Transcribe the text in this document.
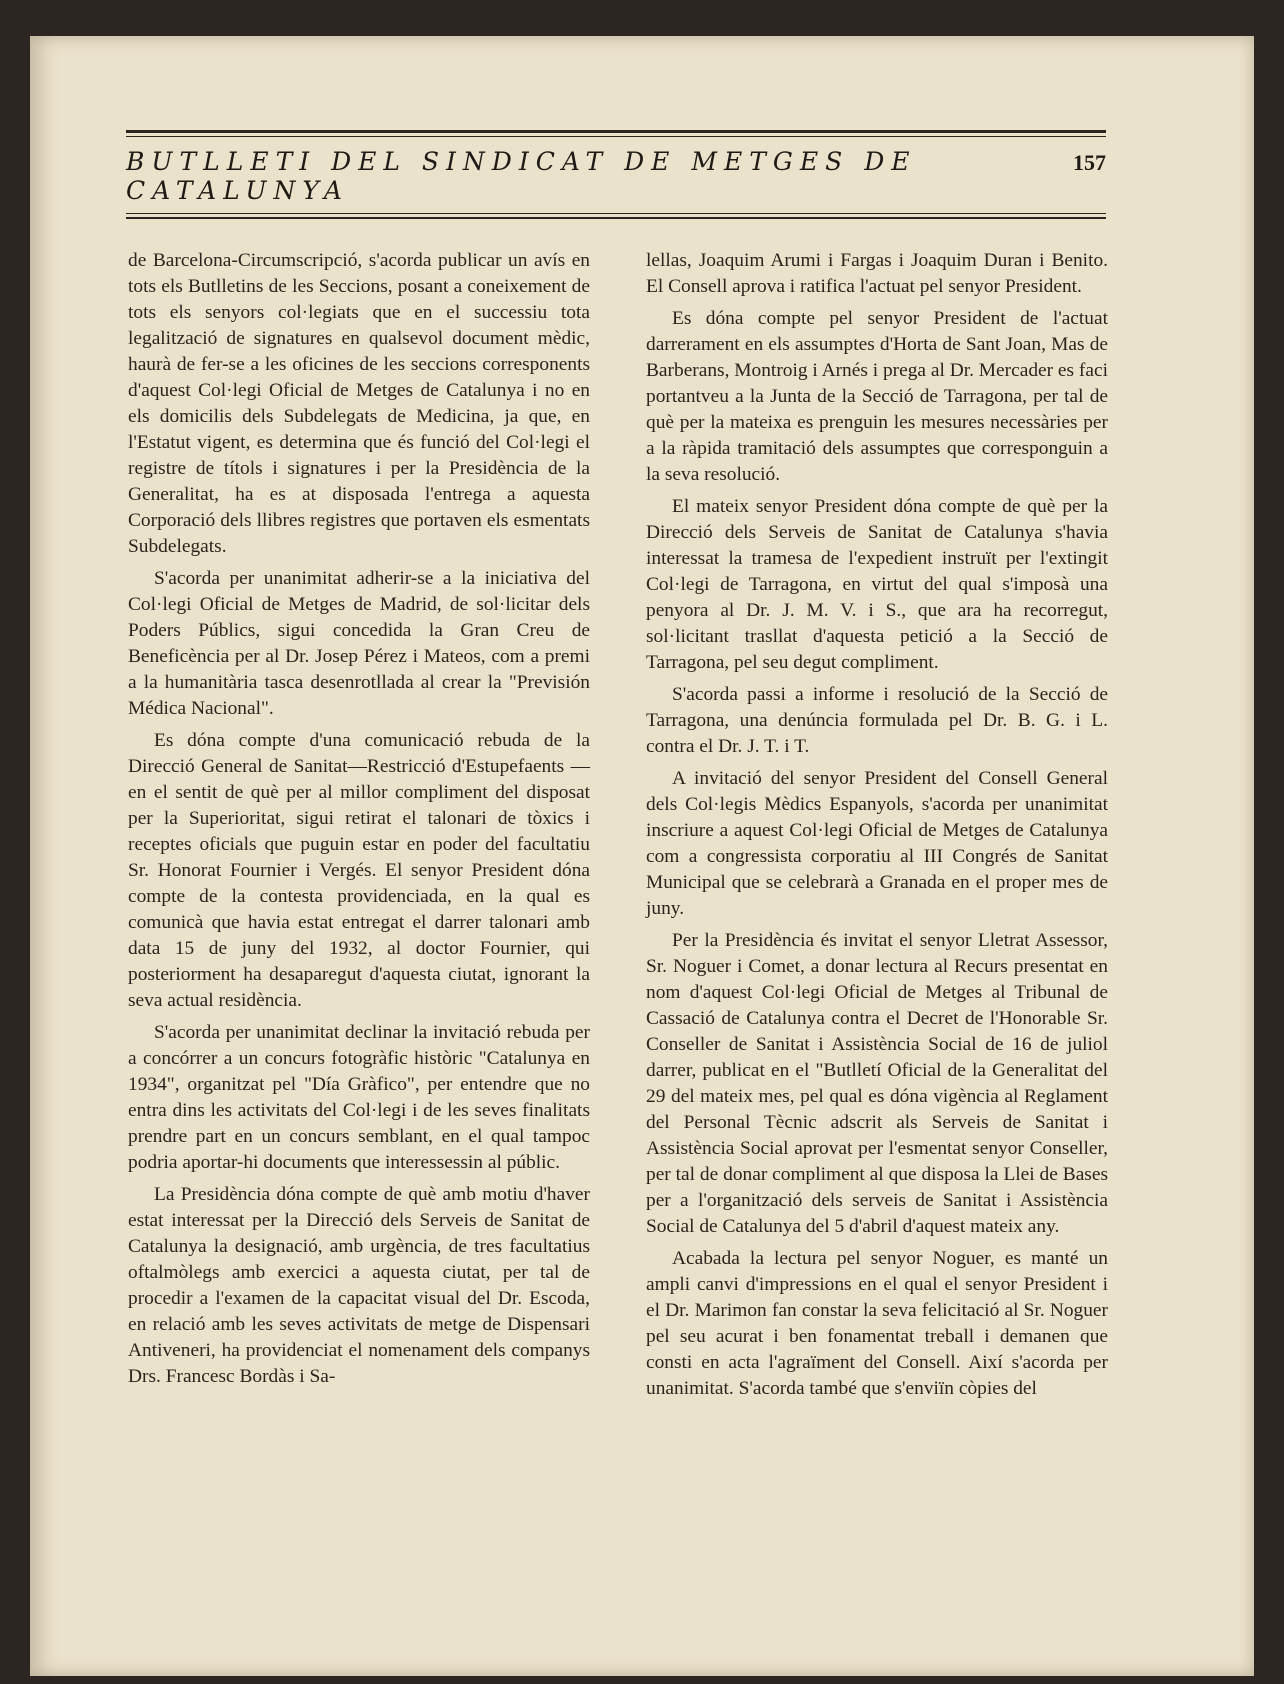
BUTLLETI DEL SINDICAT DE METGES DE CATALUNYA
157

de Barcelona-Circumscripció, s'acorda publicar un avís en tots els Butlletins de les Seccions, posant a coneixement de tots els senyors col·legiats que en el successiu tota legalització de signatures en qualsevol document mèdic, haurà de fer-se a les oficines de les seccions corresponents d'aquest Col·legi Oficial de Metges de Catalunya i no en els domicilis dels Subdelegats de Medicina, ja que, en l'Estatut vigent, es determina que és funció del Col·legi el registre de títols i signatures i per la Presidència de la Generalitat, ha es at disposada l'entrega a aquesta Corporació dels llibres registres que portaven els esmentats Subdelegats.

S'acorda per unanimitat adherir-se a la iniciativa del Col·legi Oficial de Metges de Madrid, de sol·licitar dels Poders Públics, sigui concedida la Gran Creu de Beneficència per al Dr. Josep Pérez i Mateos, com a premi a la humanitària tasca desenrotllada al crear la "Previsión Médica Nacional".

Es dóna compte d'una comunicació rebuda de la Direcció General de Sanitat—Restricció d'Estupefaents — en el sentit de què per al millor compliment del disposat per la Superioritat, sigui retirat el talonari de tòxics i receptes oficials que puguin estar en poder del facultatiu Sr. Honorat Fournier i Vergés. El senyor President dóna compte de la contesta providenciada, en la qual es comunicà que havia estat entregat el darrer talonari amb data 15 de juny del 1932, al doctor Fournier, qui posteriorment ha desaparegut d'aquesta ciutat, ignorant la seva actual residència.

S'acorda per unanimitat declinar la invitació rebuda per a concórrer a un concurs fotogràfic històric "Catalunya en 1934", organitzat pel "Día Gràfico", per entendre que no entra dins les activitats del Col·legi i de les seves finalitats prendre part en un concurs semblant, en el qual tampoc podria aportar-hi documents que interessessin al públic.

La Presidència dóna compte de què amb motiu d'haver estat interessat per la Direcció dels Serveis de Sanitat de Catalunya la designació, amb urgència, de tres facultatius oftalmòlegs amb exercici a aquesta ciutat, per tal de procedir a l'examen de la capacitat visual del Dr. Escoda, en relació amb les seves activitats de metge de Dispensari Antiveneri, ha providenciat el nomenament dels companys Drs. Francesc Bordàs i Sa-

lellas, Joaquim Arumi i Fargas i Joaquim Duran i Benito. El Consell aprova i ratifica l'actuat pel senyor President.

Es dóna compte pel senyor President de l'actuat darrerament en els assumptes d'Horta de Sant Joan, Mas de Barberans, Montroig i Arnés i prega al Dr. Mercader es faci portantveu a la Junta de la Secció de Tarragona, per tal de què per la mateixa es prenguin les mesures necessàries per a la ràpida tramitació dels assumptes que corresponguin a la seva resolució.

El mateix senyor President dóna compte de què per la Direcció dels Serveis de Sanitat de Catalunya s'havia interessat la tramesa de l'expedient instruït per l'extingit Col·legi de Tarragona, en virtut del qual s'imposà una penyora al Dr. J. M. V. i S., que ara ha recorregut, sol·licitant trasllat d'aquesta petició a la Secció de Tarragona, pel seu degut compliment.

S'acorda passi a informe i resolució de la Secció de Tarragona, una denúncia formulada pel Dr. B. G. i L. contra el Dr. J. T. i T.

A invitació del senyor President del Consell General dels Col·legis Mèdics Espanyols, s'acorda per unanimitat inscriure a aquest Col·legi Oficial de Metges de Catalunya com a congressista corporatiu al III Congrés de Sanitat Municipal que se celebrarà a Granada en el proper mes de juny.

Per la Presidència és invitat el senyor Lletrat Assessor, Sr. Noguer i Comet, a donar lectura al Recurs presentat en nom d'aquest Col·legi Oficial de Metges al Tribunal de Cassació de Catalunya contra el Decret de l'Honorable Sr. Conseller de Sanitat i Assistència Social de 16 de juliol darrer, publicat en el "Butlletí Oficial de la Generalitat del 29 del mateix mes, pel qual es dóna vigència al Reglament del Personal Tècnic adscrit als Serveis de Sanitat i Assistència Social aprovat per l'esmentat senyor Conseller, per tal de donar compliment al que disposa la Llei de Bases per a l'organització dels serveis de Sanitat i Assistència Social de Catalunya del 5 d'abril d'aquest mateix any.

Acabada la lectura pel senyor Noguer, es manté un ampli canvi d'impressions en el qual el senyor President i el Dr. Marimon fan constar la seva felicitació al Sr. Noguer pel seu acurat i ben fonamentat treball i demanen que consti en acta l'agraïment del Consell. Així s'acorda per unanimitat. S'acorda també que s'enviïn còpies del
